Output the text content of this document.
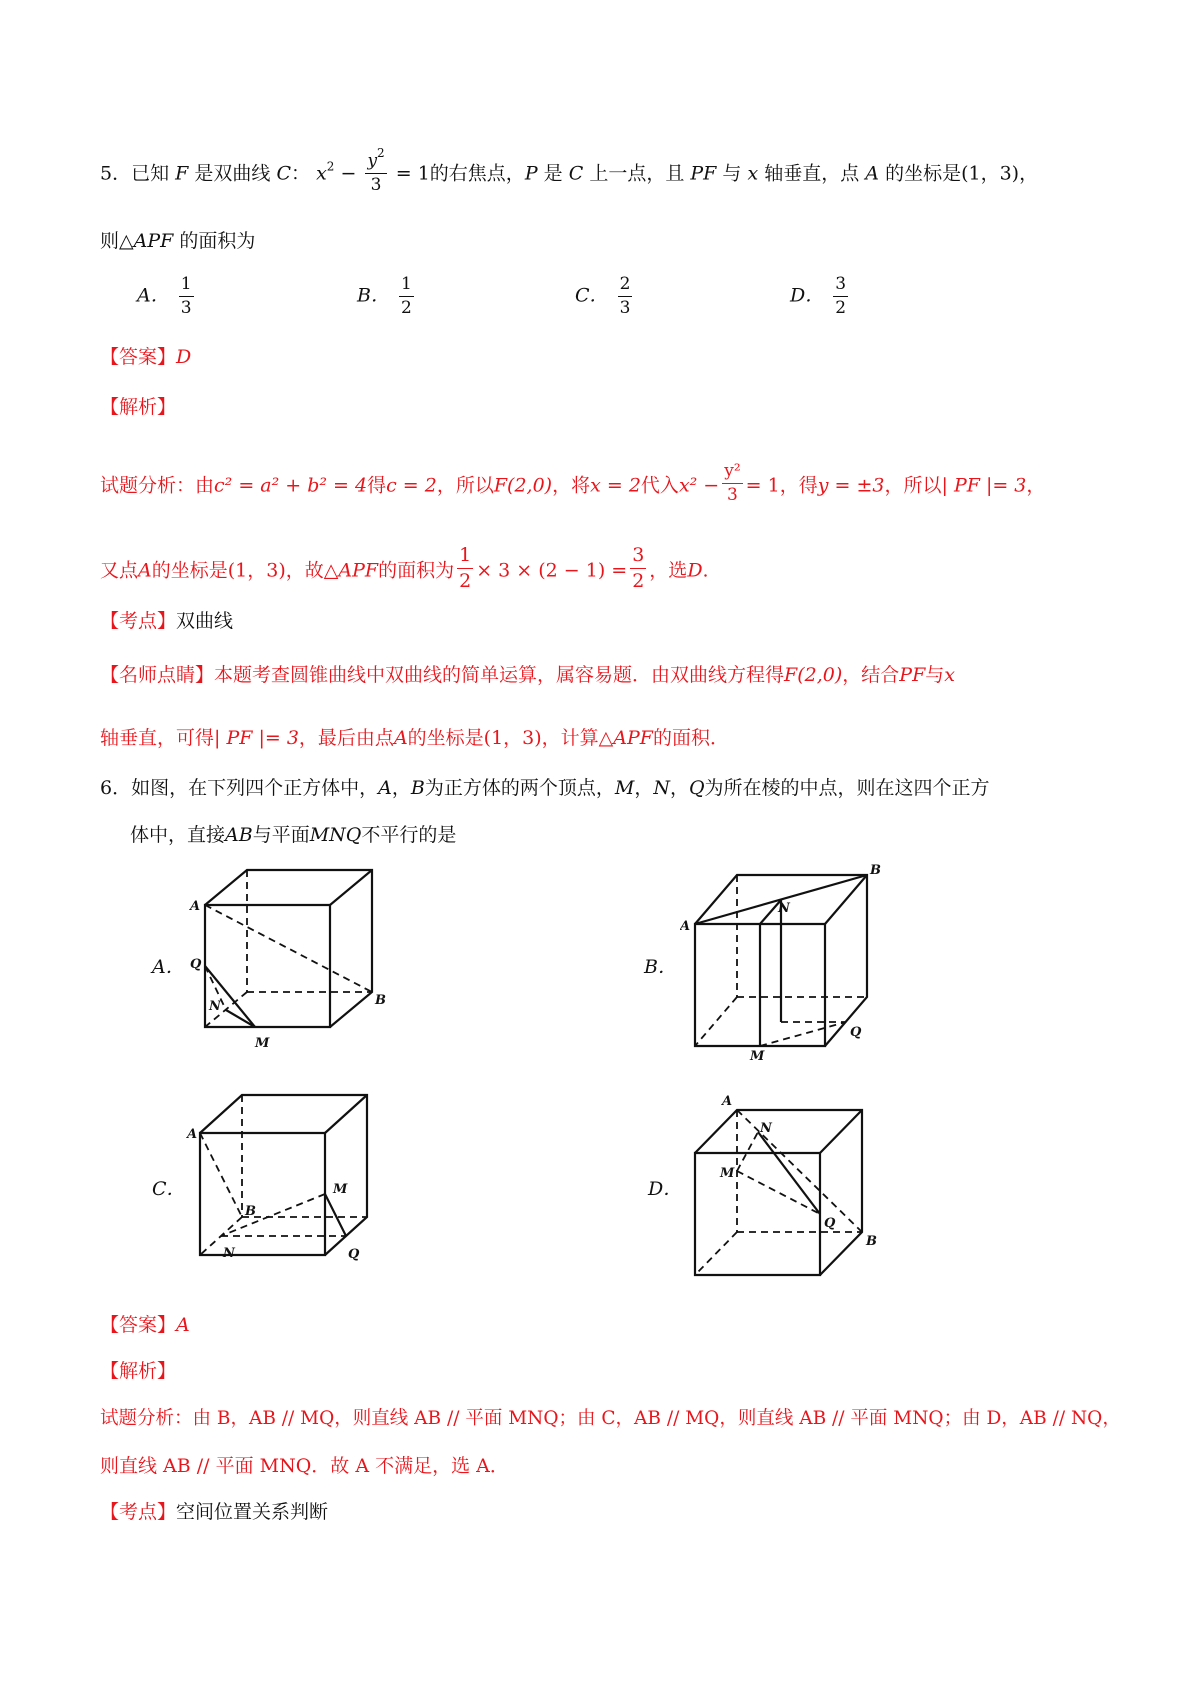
5．已知 F 是双曲线 C： $x^2 - \frac{y^2}{3} = 1$的右焦点，P 是 C 上一点，且 PF 与 x 轴垂直，点 A 的坐标是(1，3)，
则△APF 的面积为
A． $\frac{1}{3}$	B． $\frac{1}{2}$	C． $\frac{2}{3}$	D． $\frac{3}{2}$
【答案】D
【解析】
试题分析：由c² = a² + b² = 4得c = 2，所以F(2,0)，将x = 2代入$x^2 - \frac{\text{y²}}{3} = 1$，得y = ±3，所以| PF |= 3，
又点A的坐标是(1，3)，故△APF的面积为 $\frac{1}{2} \times 3 \times (2 - 1) = \frac{3}{2}$ ，选D.
【考点】双曲线
【名师点睛】本题考查圆锥曲线中双曲线的简单运算，属容易题．由双曲线方程得F(2,0)，结合PF与x
轴垂直，可得| PF |= 3，最后由点A的坐标是(1，3)，计算△APF的面积．
6．如图，在下列四个正方体中，A，B为正方体的两个顶点，M，N，Q为所在棱的中点，则在这四个正方
体中，直接AB与平面MNQ不平行的是
A．	B．
C．	D．
A
Q
N
M
B
A
B
N
Q
M
A
B
M
N	Q
A
N
M
Q
B
【答案】A
【解析】
试题分析：由 B，AB // MQ，则直线 AB // 平面 MNQ；由 C，AB // MQ，则直线 AB // 平面 MNQ；由 D，AB // NQ，
则直线 AB // 平面 MNQ．故 A 不满足，选 A．
【考点】空间位置关系判断
